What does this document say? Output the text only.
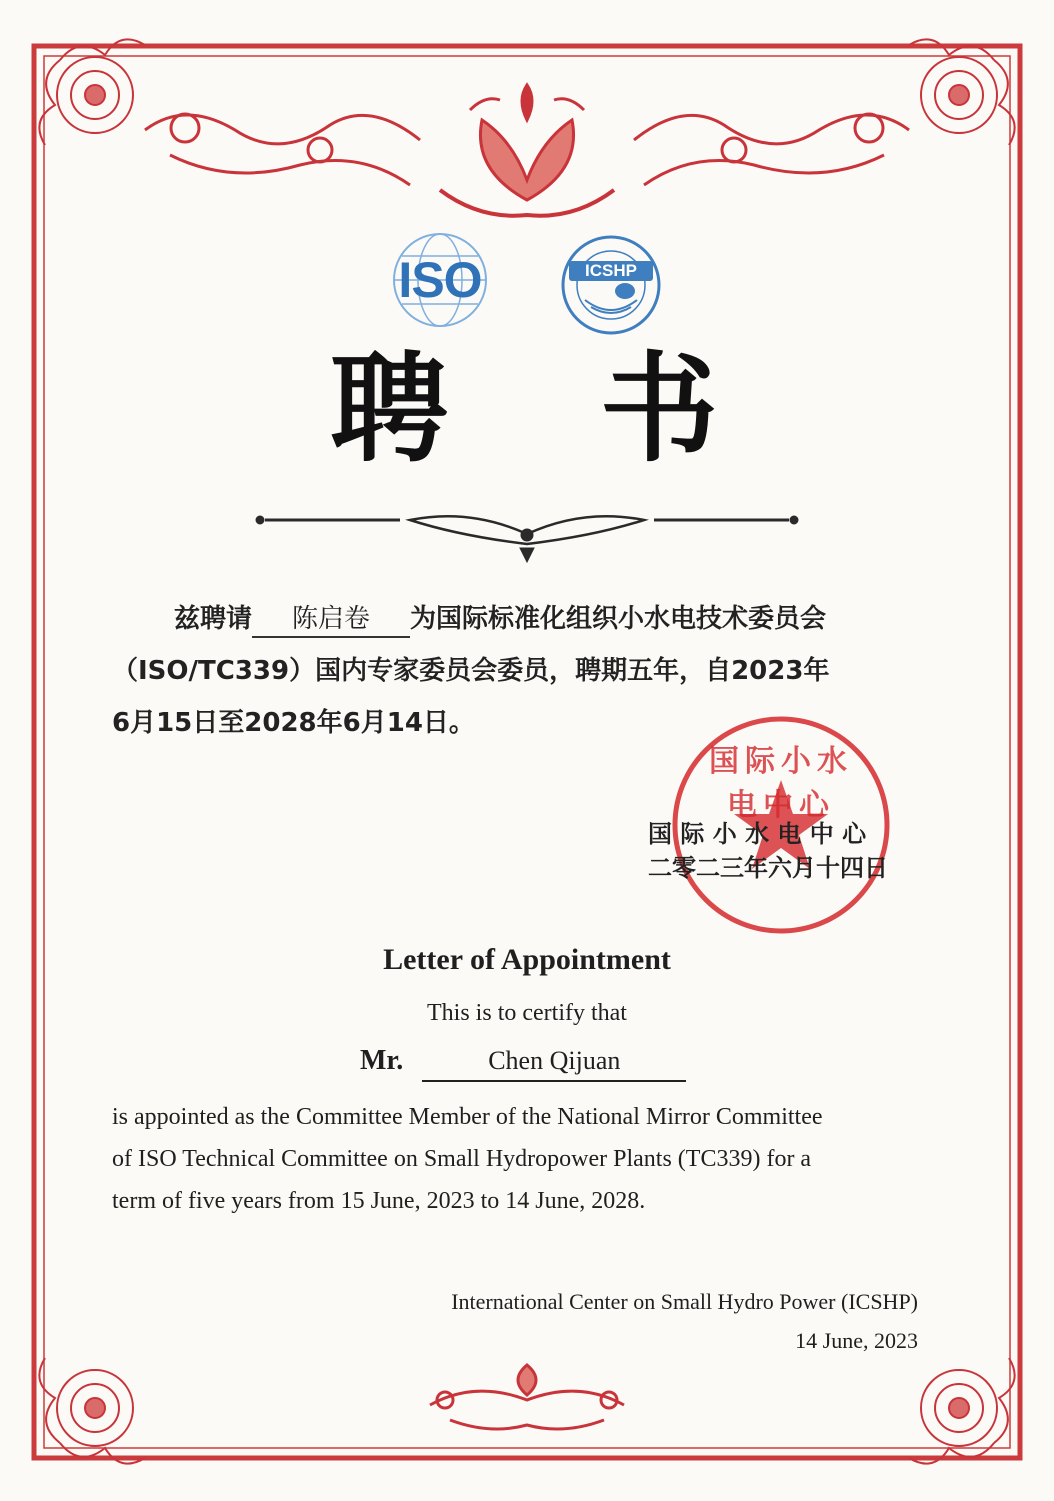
ISO	ICSHP
聘 书
兹聘请 陈启卷 为国际标准化组织小水电技术委员会
（ISO/TC339）国内专家委员会委员，聘期五年，自2023年
6月15日至2028年6月14日。
国际小水电中心
国 际 小 水 电 中 心
二零二三年六月十四日
Letter of Appointment
This is to certify that
Mr.	Chen Qijuan
is appointed as the Committee Member of the National Mirror Committee
of ISO Technical Committee on Small Hydropower Plants (TC339) for a
term of five years from 15 June, 2023 to 14 June, 2028.
International Center on Small Hydro Power (ICSHP)
14 June, 2023
